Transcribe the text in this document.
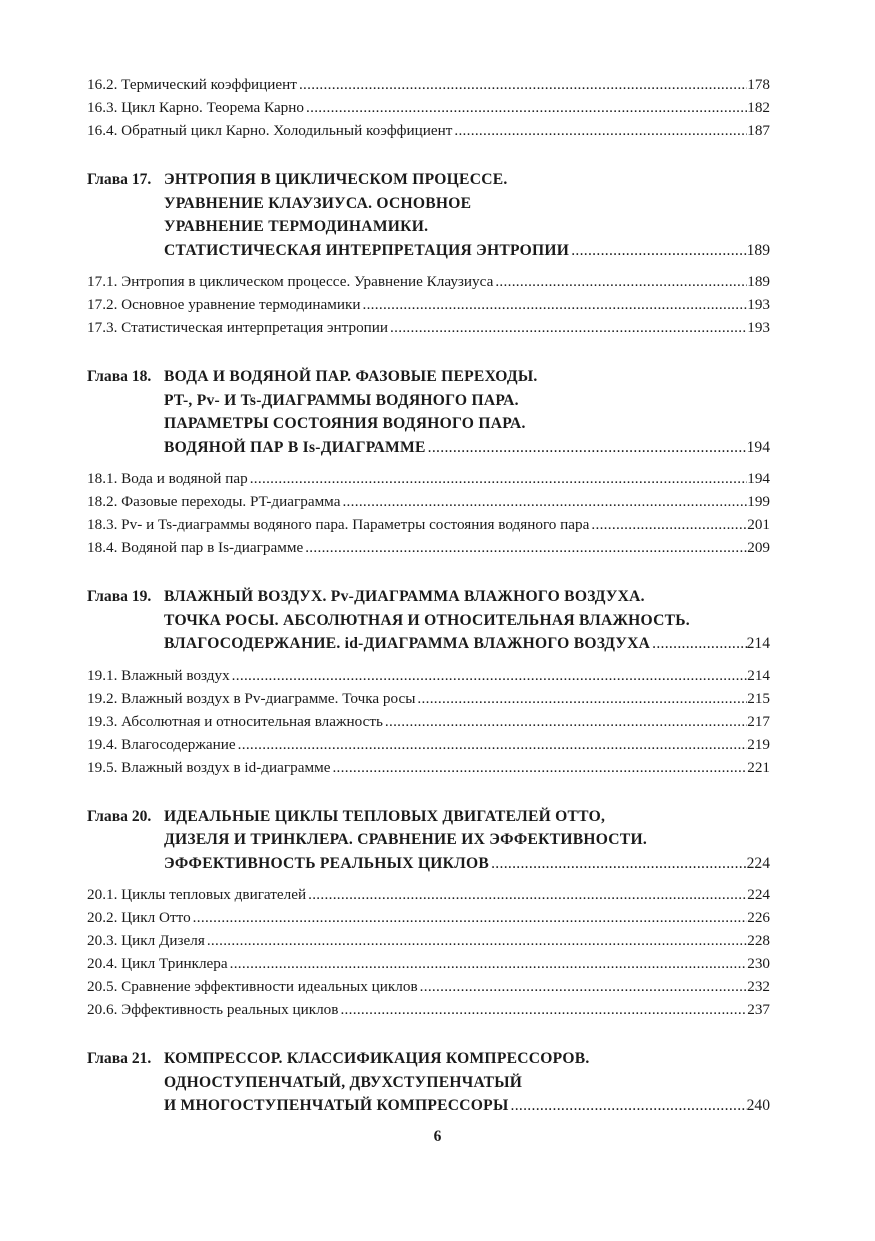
16.2. Термический коэффициент .....	178
16.3. Цикл Карно. Теорема Карно .....	182
16.4. Обратный цикл Карно. Холодильный коэффициент .....	187
Глава 17. ЭНТРОПИЯ В ЦИКЛИЧЕСКОМ ПРОЦЕССЕ.
УРАВНЕНИЕ КЛАУЗИУСА. ОСНОВНОЕ
УРАВНЕНИЕ ТЕРМОДИНАМИКИ.
СТАТИСТИЧЕСКАЯ ИНТЕРПРЕТАЦИЯ ЭНТРОПИИ .....	189
17.1. Энтропия в циклическом процессе. Уравнение Клаузиуса .....	189
17.2. Основное уравнение термодинамики .....	193
17.3. Статистическая интерпретация энтропии .....	193
Глава 18. ВОДА И ВОДЯНОЙ ПАР. ФАЗОВЫЕ ПЕРЕХОДЫ.
PT-, Pv- И Ts-ДИАГРАММЫ ВОДЯНОГО ПАРА.
ПАРАМЕТРЫ СОСТОЯНИЯ ВОДЯНОГО ПАРА.
ВОДЯНОЙ ПАР В Is-ДИАГРАММЕ .....	194
18.1. Вода и водяной пар .....	194
18.2. Фазовые переходы. PT-диаграмма .....	199
18.3. Pv- и Ts-диаграммы водяного пара. Параметры состояния водяного пара .....	201
18.4. Водяной пар в Is-диаграмме .....	209
Глава 19. ВЛАЖНЫЙ ВОЗДУХ. Pv-ДИАГРАММА ВЛАЖНОГО ВОЗДУХА.
ТОЧКА РОСЫ. АБСОЛЮТНАЯ И ОТНОСИТЕЛЬНАЯ ВЛАЖНОСТЬ.
ВЛАГОСОДЕРЖАНИЕ. id-ДИАГРАММА ВЛАЖНОГО ВОЗДУХА .....	214
19.1. Влажный воздух .....	214
19.2. Влажный воздух в Pv-диаграмме. Точка росы .....	215
19.3. Абсолютная и относительная влажность .....	217
19.4. Влагосодержание .....	219
19.5. Влажный воздух в id-диаграмме .....	221
Глава 20. ИДЕАЛЬНЫЕ ЦИКЛЫ ТЕПЛОВЫХ ДВИГАТЕЛЕЙ ОТТО,
ДИЗЕЛЯ И ТРИНКЛЕРА. СРАВНЕНИЕ ИХ ЭФФЕКТИВНОСТИ.
ЭФФЕКТИВНОСТЬ РЕАЛЬНЫХ ЦИКЛОВ .....	224
20.1. Циклы тепловых двигателей .....	224
20.2. Цикл Отто .....	226
20.3. Цикл Дизеля .....	228
20.4. Цикл Тринклера .....	230
20.5. Сравнение эффективности идеальных циклов .....	232
20.6. Эффективность реальных циклов .....	237
Глава 21. КОМПРЕССОР. КЛАССИФИКАЦИЯ КОМПРЕССОРОВ.
ОДНОСТУПЕНЧАТЫЙ, ДВУХСТУПЕНЧАТЫЙ
И МНОГОСТУПЕНЧАТЫЙ КОМПРЕССОРЫ .....	240
6
